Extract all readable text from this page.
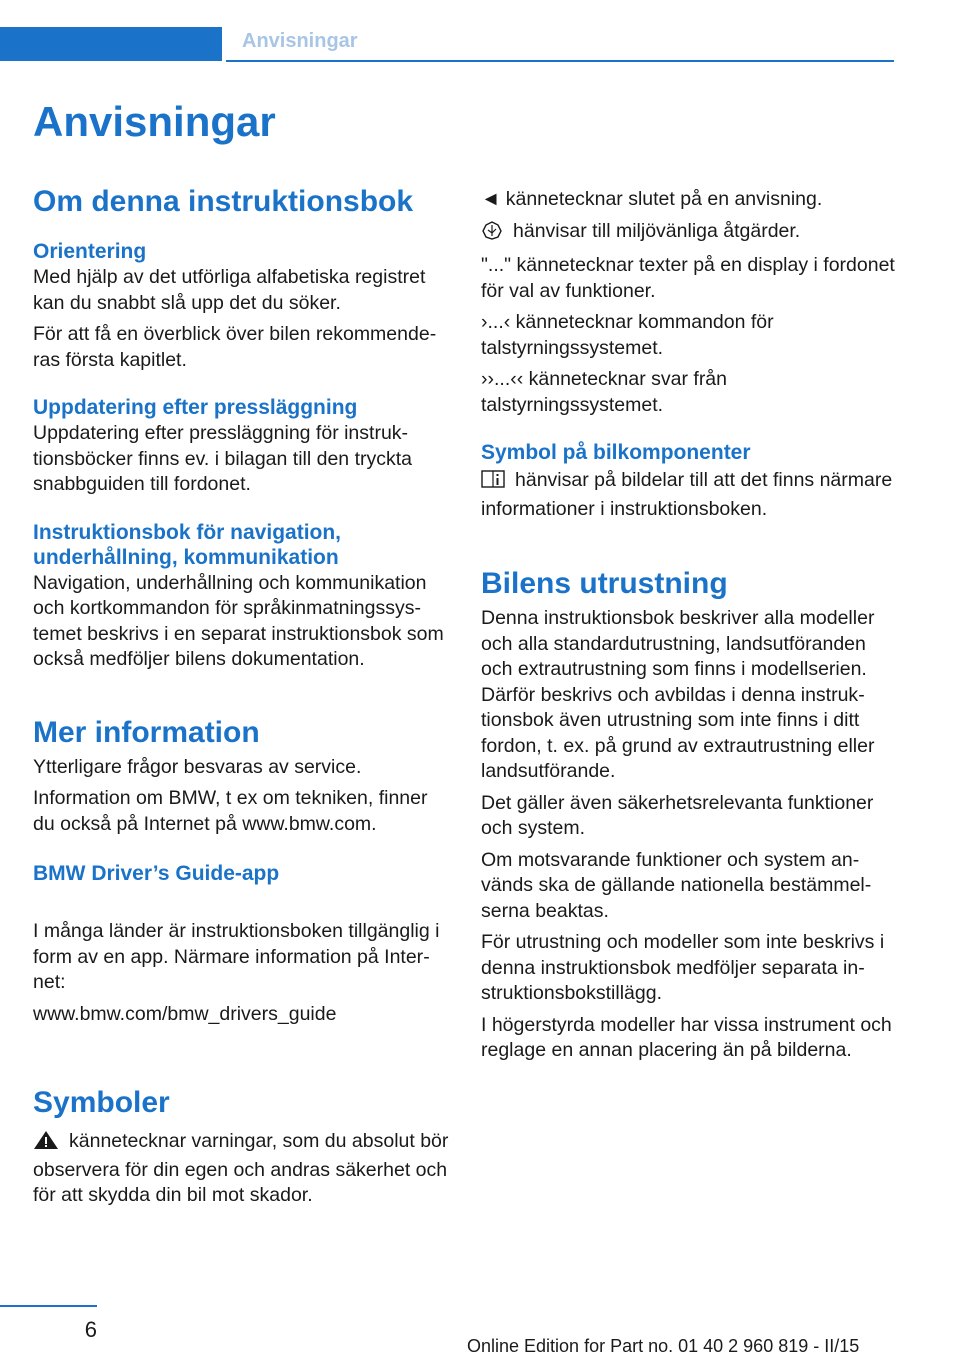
Anvisningar
Anvisningar
Om denna instruktionsbok
Orientering

Med hjälp av det utförliga alfabetiska registret kan du snabbt slå upp det du söker.

För att få en överblick över bilen rekommenderas första kapitlet.

Uppdatering efter pressläggning

Uppdatering efter pressläggning för instruktionsböcker finns ev. i bilagan till den tryckta snabbguiden till fordonet.

Instruktionsbok för navigation, underhållning, kommunikation

Navigation, underhållning och kommunikation och kortkommandon för språkinmatningssystemet beskrivs i en separat instruktionsbok som också medföljer bilens dokumentation.

Mer information

Ytterligare frågor besvaras av service.

Information om BMW, t ex om tekniken, finner du också på Internet på www.bmw.com.

BMW Driver’s Guide-app

I många länder är instruktionsboken tillgänglig i form av en app. Närmare information på Internet:

www.bmw.com/bmw_drivers_guide

Symboler

kännetecknar varningar, som du absolut bör observera för din egen och andras säkerhet och för att skydda din bil mot skador.

◄ kännetecknar slutet på en anvisning.

hänvisar till miljövänliga åtgärder.

"..." kännetecknar texter på en display i fordonet för val av funktioner.

›...‹ kännetecknar kommandon för talstyrningssystemet.

››...‹‹ kännetecknar svar från talstyrningssystemet.

Symbol på bilkomponenter

hänvisar på bildelar till att det finns närmare informationer i instruktionsboken.

Bilens utrustning

Denna instruktionsbok beskriver alla modeller och alla standardutrustning, landsutföranden och extrautrustning som finns i modellserien. Därför beskrivs och avbildas i denna instruktionsbok även utrustning som inte finns i ditt fordon, t. ex. på grund av extrautrustning eller landsutförande.

Det gäller även säkerhetsrelevanta funktioner och system.

Om motsvarande funktioner och system används ska de gällande nationella bestämmelserna beaktas.

För utrustning och modeller som inte beskrivs i denna instruktionsbok medföljer separata instruktionsbokstillägg.

I högerstyrda modeller har vissa instrument och reglage en annan placering än på bilderna.

6
Online Edition for Part no. 01 40 2 960 819 - II/15
